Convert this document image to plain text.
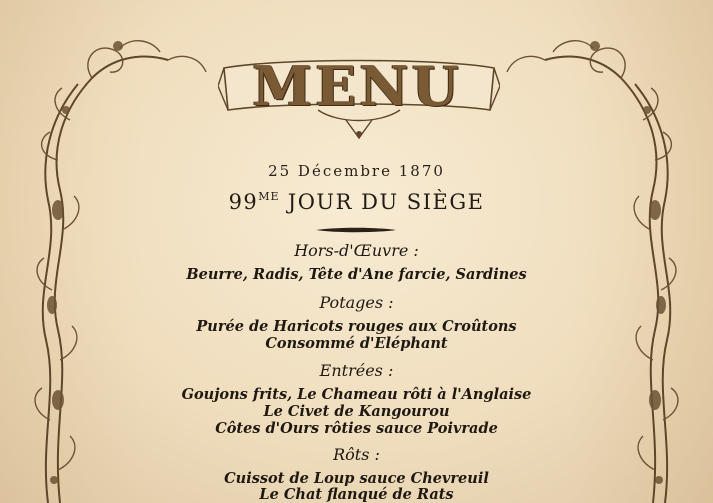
MENU
25 Décembre 1870
$99^{ME}$ JOUR DU SIÈGE
Hors-d'Œuvre :
Beurre, Radis, Tête d'Ane farcie, Sardines
Potages :
Purée de Haricots rouges aux Croûtons
Consommé d'Eléphant
Entrées :
Goujons frits, Le Chameau rôti à l'Anglaise
Le Civet de Kangourou
Côtes d'Ours rôties sauce Poivrade
Rôts :
Cuissot de Loup sauce Chevreuil
Le Chat flanqué de Rats
